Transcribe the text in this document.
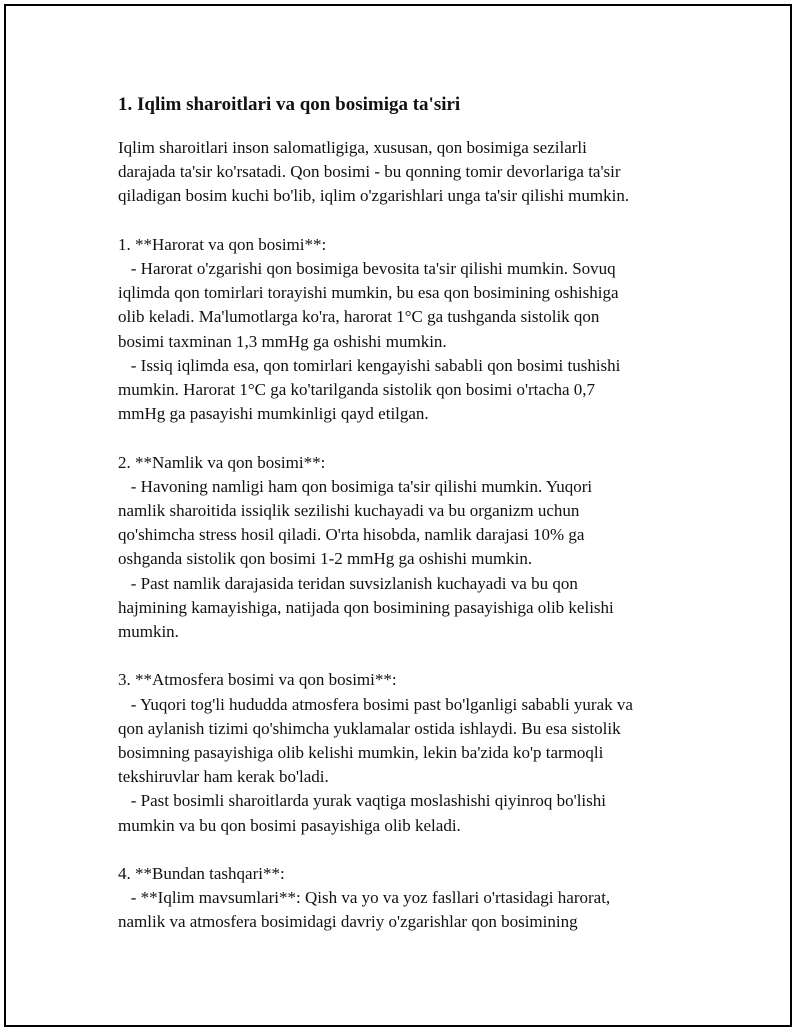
1. Iqlim sharoitlari va qon bosimiga ta'siri
Iqlim sharoitlari inson salomatligiga, xususan, qon bosimiga sezilarli
darajada ta'sir ko'rsatadi. Qon bosimi - bu qonning tomir devorlariga ta'sir
qiladigan bosim kuchi bo'lib, iqlim o'zgarishlari unga ta'sir qilishi mumkin.
1. **Harorat va qon bosimi**:
- Harorat o'zgarishi qon bosimiga bevosita ta'sir qilishi mumkin. Sovuq
iqlimda qon tomirlari torayishi mumkin, bu esa qon bosimining oshishiga
olib keladi. Ma'lumotlarga ko'ra, harorat 1°C ga tushganda sistolik qon
bosimi taxminan 1,3 mmHg ga oshishi mumkin.
- Issiq iqlimda esa, qon tomirlari kengayishi sababli qon bosimi tushishi
mumkin. Harorat 1°C ga ko'tarilganda sistolik qon bosimi o'rtacha 0,7
mmHg ga pasayishi mumkinligi qayd etilgan.
2. **Namlik va qon bosimi**:
- Havoning namligi ham qon bosimiga ta'sir qilishi mumkin. Yuqori
namlik sharoitida issiqlik sezilishi kuchayadi va bu organizm uchun
qo'shimcha stress hosil qiladi. O'rta hisobda, namlik darajasi 10% ga
oshganda sistolik qon bosimi 1-2 mmHg ga oshishi mumkin.
- Past namlik darajasida teridan suvsizlanish kuchayadi va bu qon
hajmining kamayishiga, natijada qon bosimining pasayishiga olib kelishi
mumkin.
3. **Atmosfera bosimi va qon bosimi**:
- Yuqori tog'li hududda atmosfera bosimi past bo'lganligi sababli yurak va
qon aylanish tizimi qo'shimcha yuklamalar ostida ishlaydi. Bu esa sistolik
bosimning pasayishiga olib kelishi mumkin, lekin ba'zida ko'p tarmoqli
tekshiruvlar ham kerak bo'ladi.
- Past bosimli sharoitlarda yurak vaqtiga moslashishi qiyinroq bo'lishi
mumkin va bu qon bosimi pasayishiga olib keladi.
4. **Bundan tashqari**:
- **Iqlim mavsumlari**: Qish va yo va yoz fasllari o'rtasidagi harorat,
namlik va atmosfera bosimidagi davriy o'zgarishlar qon bosimining
